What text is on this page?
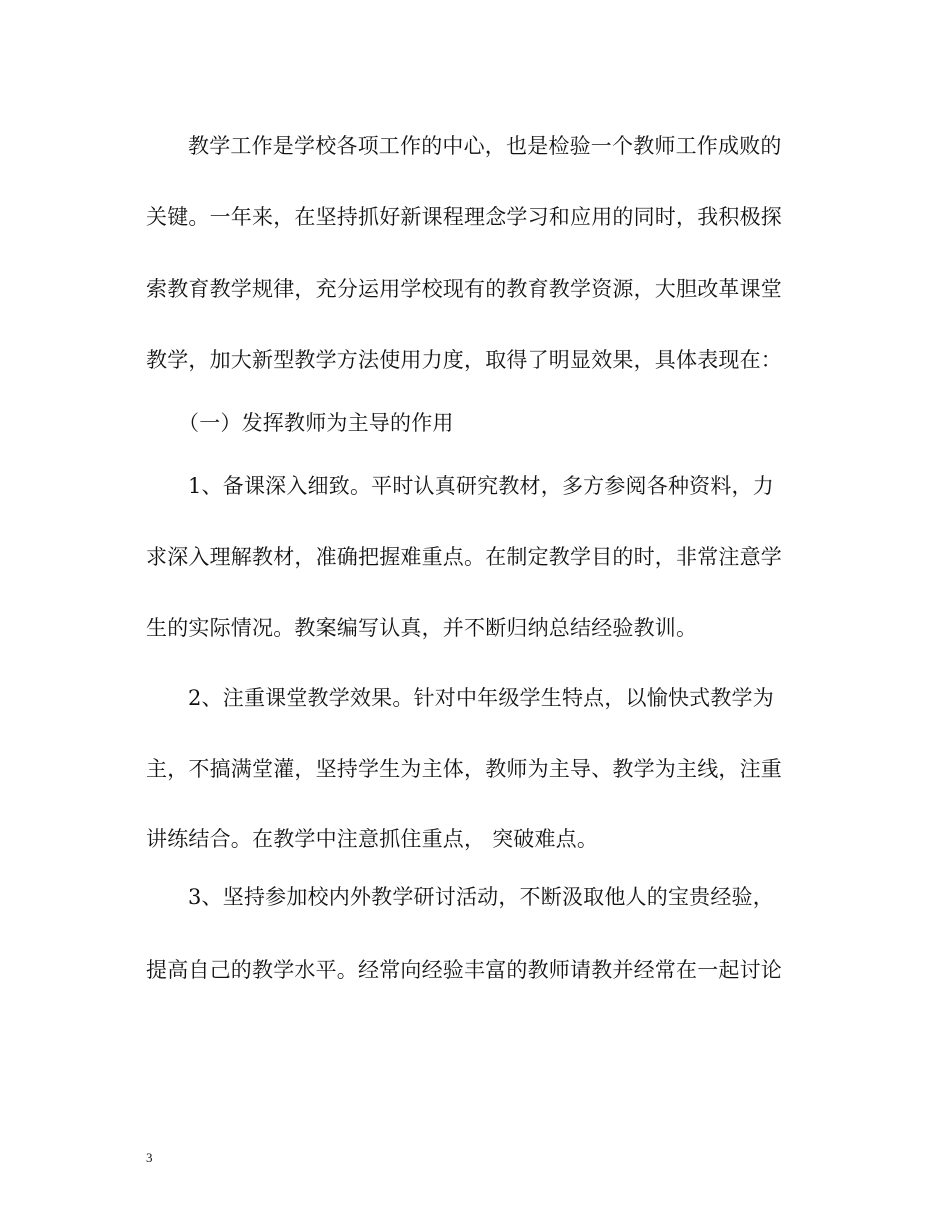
教学工作是学校各项工作的中心，也是检验一个教师工作成败的
关键。一年来，在坚持抓好新课程理念学习和应用的同时，我积极探
索教育教学规律，充分运用学校现有的教育教学资源，大胆改革课堂
教学，加大新型教学方法使用力度，取得了明显效果，具体表现在：
（一）发挥教师为主导的作用
1、备课深入细致。平时认真研究教材，多方参阅各种资料，力
求深入理解教材，准确把握难重点。在制定教学目的时，非常注意学
生的实际情况。教案编写认真，并不断归纳总结经验教训。
2、注重课堂教学效果。针对中年级学生特点，以愉快式教学为
主，不搞满堂灌，坚持学生为主体，教师为主导、教学为主线，注重
讲练结合。在教学中注意抓住重点， 突破难点。
3、坚持参加校内外教学研讨活动，不断汲取他人的宝贵经验，
提高自己的教学水平。经常向经验丰富的教师请教并经常在一起讨论
3
